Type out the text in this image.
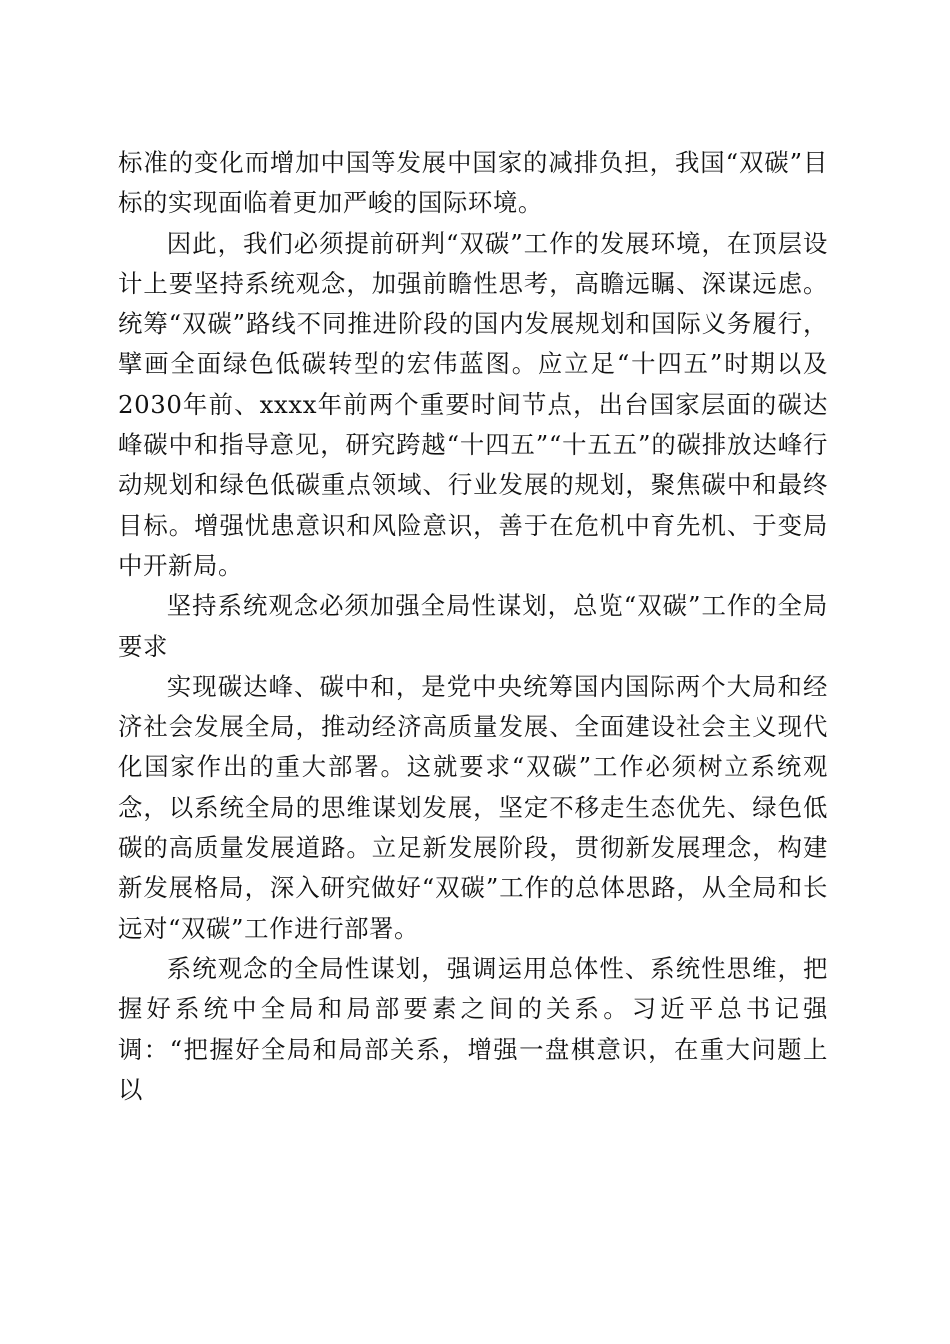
标准的变化而增加中国等发展中国家的减排负担，我国“双碳”目标的实现面临着更加严峻的国际环境。

因此，我们必须提前研判“双碳”工作的发展环境，在顶层设计上要坚持系统观念，加强前瞻性思考，高瞻远瞩、深谋远虑。统筹“双碳”路线不同推进阶段的国内发展规划和国际义务履行，擘画全面绿色低碳转型的宏伟蓝图。应立足“十四五”时期以及2030年前、xxxx年前两个重要时间节点，出台国家层面的碳达峰碳中和指导意见，研究跨越“十四五”“十五五”的碳排放达峰行动规划和绿色低碳重点领域、行业发展的规划，聚焦碳中和最终目标。增强忧患意识和风险意识，善于在危机中育先机、于变局中开新局。

坚持系统观念必须加强全局性谋划，总览“双碳”工作的全局要求

实现碳达峰、碳中和，是党中央统筹国内国际两个大局和经济社会发展全局，推动经济高质量发展、全面建设社会主义现代化国家作出的重大部署。这就要求“双碳”工作必须树立系统观念，以系统全局的思维谋划发展，坚定不移走生态优先、绿色低碳的高质量发展道路。立足新发展阶段，贯彻新发展理念，构建新发展格局，深入研究做好“双碳”工作的总体思路，从全局和长远对“双碳”工作进行部署。

系统观念的全局性谋划，强调运用总体性、系统性思维，把握好系统中全局和局部要素之间的关系。习近平总书记强调：“把握好全局和局部关系，增强一盘棋意识，在重大问题上以
